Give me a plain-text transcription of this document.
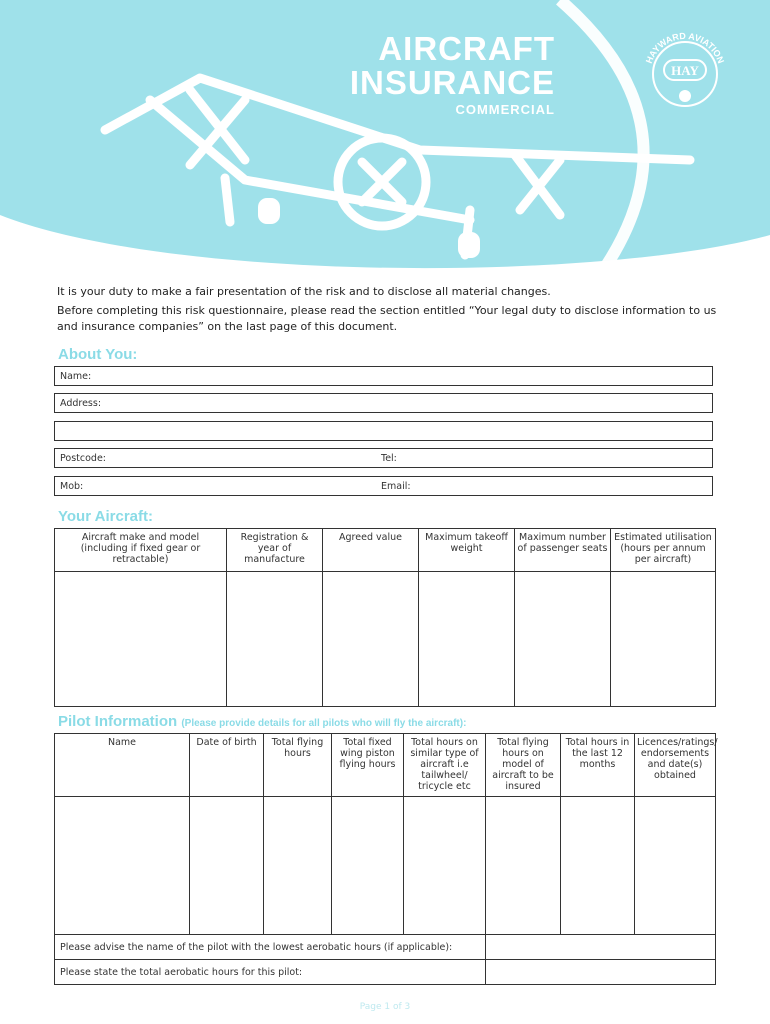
AIRCRAFT
INSURANCE
COMMERCIAL
HAYWARD AVIATION
HAY
It is your duty to make a fair presentation of the risk and to disclose all material changes.
Before completing this risk questionnaire, please read the section entitled “Your legal duty to disclose information to us and insurance companies” on the last page of this document.
About You:
Name:
Address:
Postcode:	Tel:
Mob:	Email:
Your Aircraft:
Aircraft make and model (including if fixed gear or retractable)	Registration & year of manufacture	Agreed value	Maximum takeoff weight	Maximum number of passenger seats	Estimated utilisation (hours per annum per aircraft)

Pilot Information (Please provide details for all pilots who will fly the aircraft):
Name	Date of birth	Total flying hours	Total fixed wing piston flying hours	Total hours on similar type of aircraft i.e tailwheel/ tricycle etc	Total flying hours on model of aircraft to be insured	Total hours in the last 12 months	Licences/ratings/ endorsements and date(s) obtained

Please advise the name of the pilot with the lowest aerobatic hours (if applicable):							
Please state the total aerobatic hours for this pilot:							
Page 1 of 3
